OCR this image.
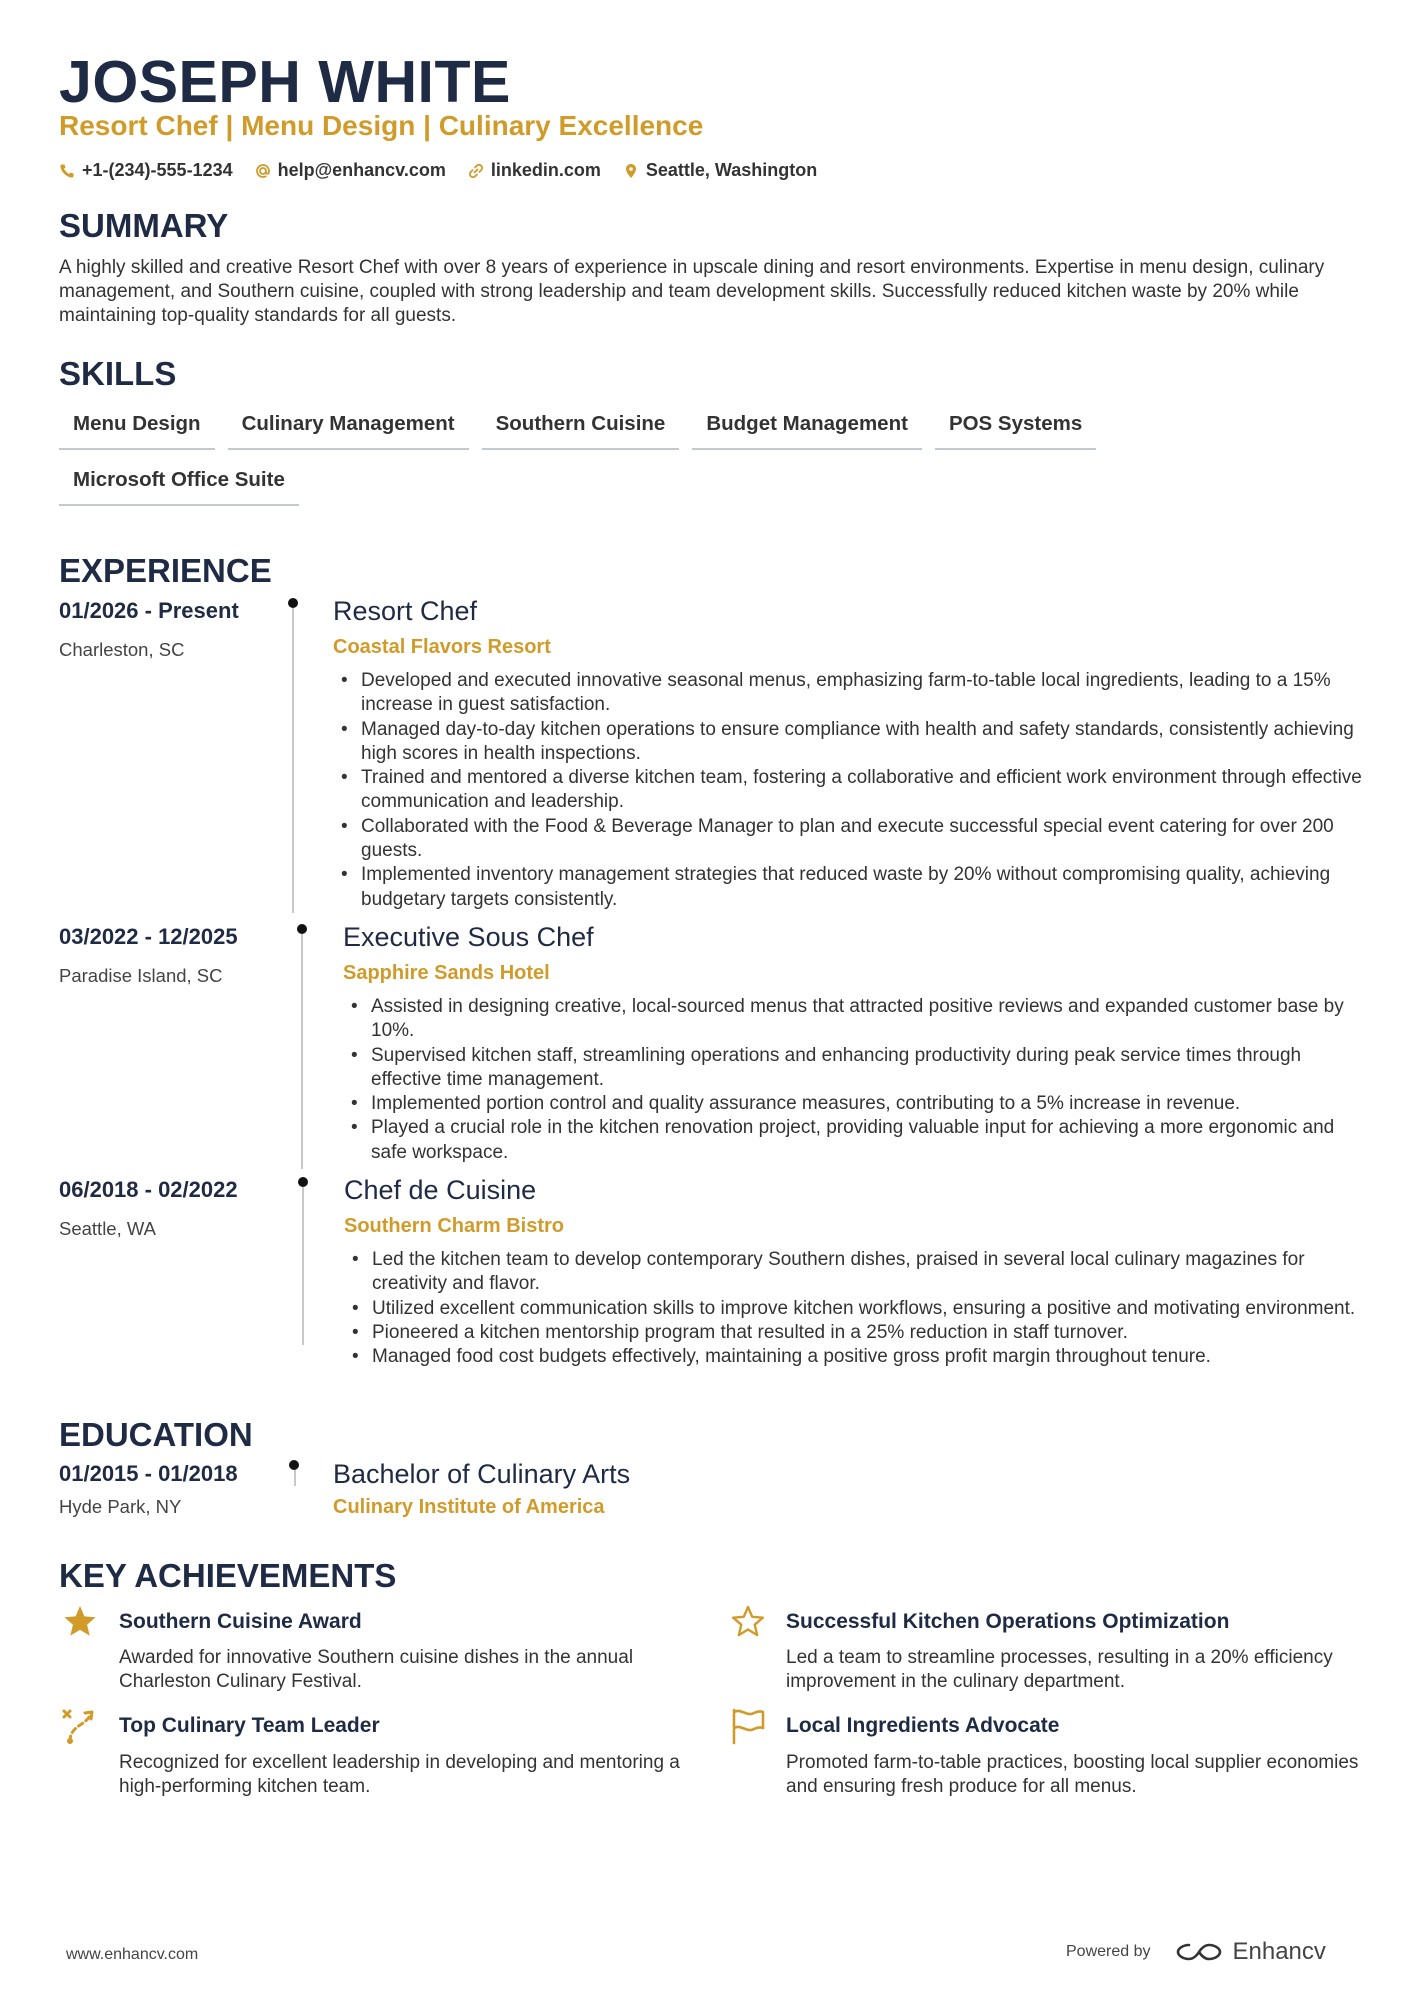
JOSEPH WHITE
Resort Chef | Menu Design | Culinary Excellence
+1-(234)-555-1234	help@enhancv.com	linkedin.com	Seattle, Washington
SUMMARY
A highly skilled and creative Resort Chef with over 8 years of experience in upscale dining and resort environments. Expertise in menu design, culinary management, and Southern cuisine, coupled with strong leadership and team development skills. Successfully reduced kitchen waste by 20% while maintaining top-quality standards for all guests.
SKILLS
Menu Design	Culinary Management	Southern Cuisine	Budget Management	POS Systems
Microsoft Office Suite
EXPERIENCE
01/2026 - Present
Charleston, SC
Resort Chef
Coastal Flavors Resort
• Developed and executed innovative seasonal menus, emphasizing farm-to-table local ingredients, leading to a 15% increase in guest satisfaction.
• Managed day-to-day kitchen operations to ensure compliance with health and safety standards, consistently achieving high scores in health inspections.
• Trained and mentored a diverse kitchen team, fostering a collaborative and efficient work environment through effective communication and leadership.
• Collaborated with the Food & Beverage Manager to plan and execute successful special event catering for over 200 guests.
• Implemented inventory management strategies that reduced waste by 20% without compromising quality, achieving budgetary targets consistently.
03/2022 - 12/2025
Paradise Island, SC
Executive Sous Chef
Sapphire Sands Hotel
• Assisted in designing creative, local-sourced menus that attracted positive reviews and expanded customer base by 10%.
• Supervised kitchen staff, streamlining operations and enhancing productivity during peak service times through effective time management.
• Implemented portion control and quality assurance measures, contributing to a 5% increase in revenue.
• Played a crucial role in the kitchen renovation project, providing valuable input for achieving a more ergonomic and safe workspace.
06/2018 - 02/2022
Seattle, WA
Chef de Cuisine
Southern Charm Bistro
• Led the kitchen team to develop contemporary Southern dishes, praised in several local culinary magazines for creativity and flavor.
• Utilized excellent communication skills to improve kitchen workflows, ensuring a positive and motivating environment.
• Pioneered a kitchen mentorship program that resulted in a 25% reduction in staff turnover.
• Managed food cost budgets effectively, maintaining a positive gross profit margin throughout tenure.
EDUCATION
01/2015 - 01/2018
Hyde Park, NY
Bachelor of Culinary Arts
Culinary Institute of America
KEY ACHIEVEMENTS
Southern Cuisine Award
Awarded for innovative Southern cuisine dishes in the annual Charleston Culinary Festival.
Successful Kitchen Operations Optimization
Led a team to streamline processes, resulting in a 20% efficiency improvement in the culinary department.
Top Culinary Team Leader
Recognized for excellent leadership in developing and mentoring a high-performing kitchen team.
Local Ingredients Advocate
Promoted farm-to-table practices, boosting local supplier economies and ensuring fresh produce for all menus.
www.enhancv.com	Powered by	Enhancv
